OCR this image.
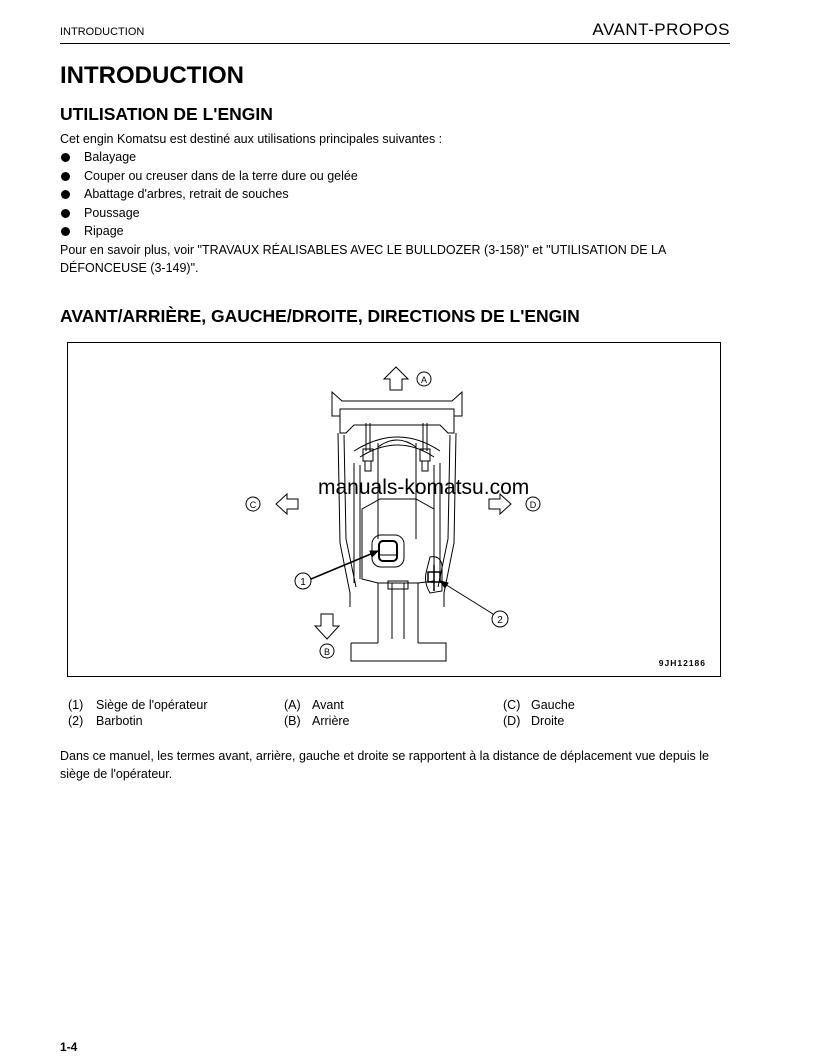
INTRODUCTION	AVANT-PROPOS
INTRODUCTION
UTILISATION DE L'ENGIN
Cet engin Komatsu est destiné aux utilisations principales suivantes :
Balayage
Couper ou creuser dans de la terre dure ou gelée
Abattage d'arbres, retrait de souches
Poussage
Ripage
Pour en savoir plus, voir "TRAVAUX RÉALISABLES AVEC LE BULLDOZER (3-158)" et "UTILISATION DE LA DÉFONCEUSE (3-149)".
AVANT/ARRIÈRE, GAUCHE/DROITE, DIRECTIONS DE L'ENGIN
A
1
2
C	D
B
9JH12186
manuals-komatsu.com
(1) Siège de l'opérateur
(2) Barbotin
(A) Avant
(B) Arrière
(C) Gauche
(D) Droite
Dans ce manuel, les termes avant, arrière, gauche et droite se rapportent à la distance de déplacement vue depuis le siège de l'opérateur.
1-4
